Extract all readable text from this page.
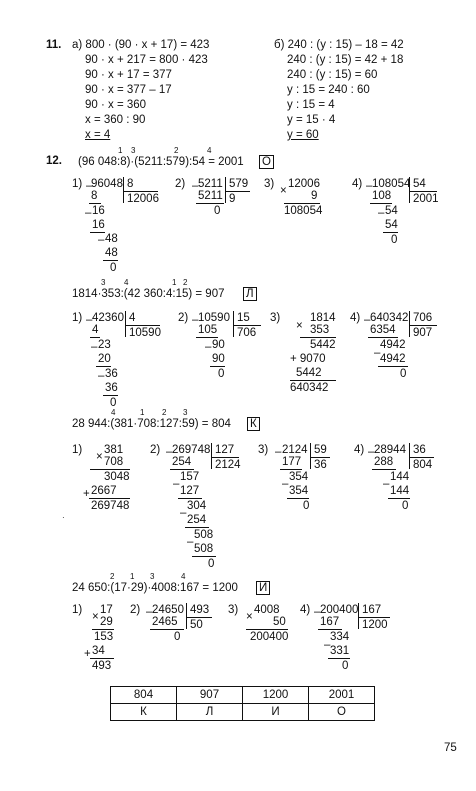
11. а) 800 · (90 · x + 17) = 423
90 · x + 217 = 800 · 423
90 · x + 17 = 377
90 · x = 377 – 17
90 · x = 360
x = 360 : 90
x = 4
б) 240 : (y : 15) – 18 = 42
240 : (y : 15) = 42 + 18
240 : (y : 15) = 60
y : 15 = 240 : 60
y : 15 = 4
y = 15 · 4
y = 60
12. (96 048:8)·(5211:579):54 = 2001
1 3	2	4
О
1) –
96048 8
12006
8
– 16
16
– 48
48
0
2) – 5211 579
9
5211
0
3)
×
12006
9
108054
4) – 108054 54
2001
108
– 54
54
0
1814·353:(42 360:4:15) = 907
3 4	1 2
Л
1) – 42360 4
10590
4
– 23
20
– 36
36
0
2) – 10590 15
706
105
– 90
90
0
3)
×
1814
353
5442
+ 9070
5442
640342
4) – 640342 706
907
6354
–
4942
4942
0
28 944:(381·708:127:59) = 804
4	1 2 3
К
1)
×
381
708
3048
+ 2667
269748
2) – 269748 127
2124
254
–
157
127
–
304
254
–
508
508
0
3) – 2124 59
36
177
–
354
354
0
4) – 28944 36
804
288
–
144
144
0
·
24 650:(17·29)·4008:167 = 1200
2 1 3	4
И
1)
×
17
29
153
+ 34
493
2) – 24650 493
50
2465
0
3)
×
4008
50
200400
4) – 200400 167
1200
167
–
334
331
0
804	907	1200	2001
К	Л	И	О
75
